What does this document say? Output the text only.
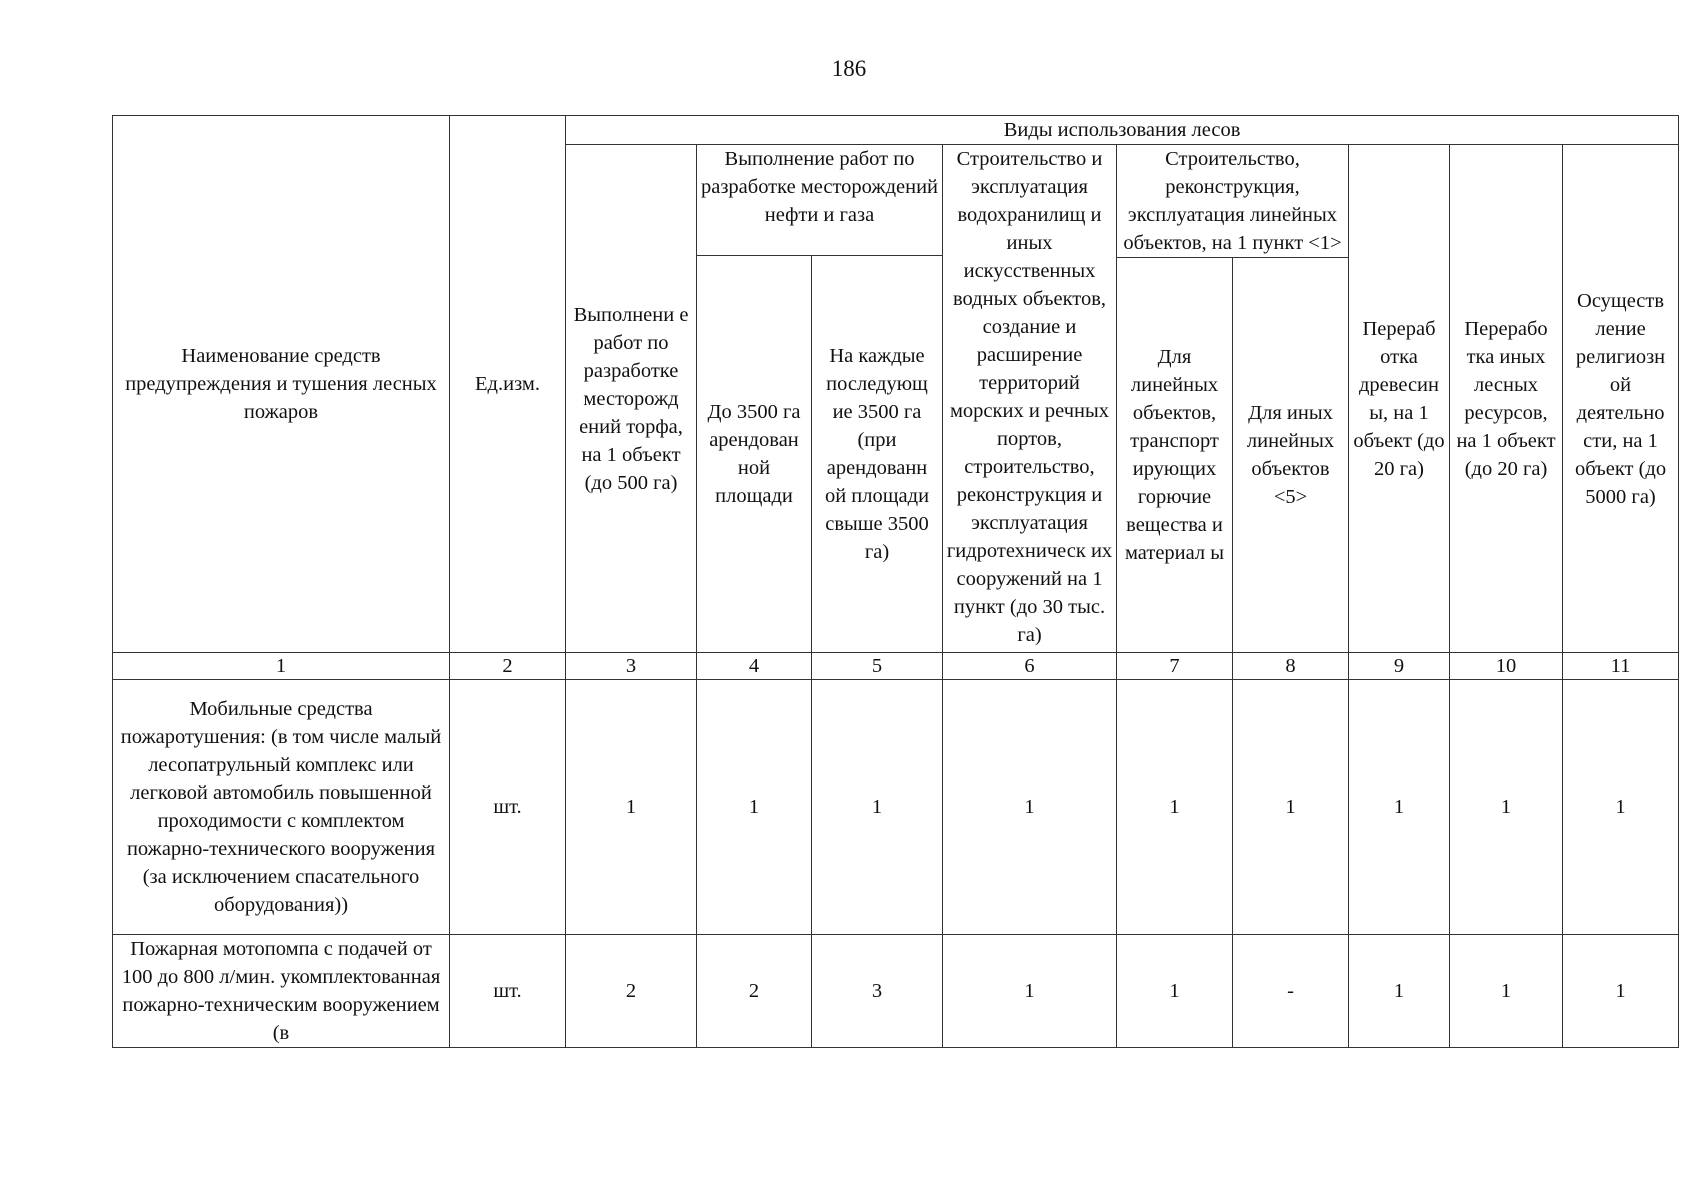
186
Наименование средств предупреждения и тушения лесных пожаров	Ед.изм.	Виды использования лесов								
		Выполнени е работ по разработке месторожд ений торфа, на 1 объект (до 500 га)	Выполнение работ по разработке месторождений нефти и газа		Строительство и эксплуатация водохранилищ и иных искусственных водных объектов, создание и расширение территорий морских и речных портов, строительство, реконструкция и эксплуатация гидротехническ их сооружений на 1 пункт (до 30 тыс. га)	Строительство, реконструкция, эксплуатация линейных объектов, на 1 пункт <1>		Перераб отка древесин ы, на 1 объект (до 20 га)	Перерабо тка иных лесных ресурсов, на 1 объект (до 20 га)	Осуществ ление религиозн ой деятельно сти, на 1 объект (до 5000 га)
			До 3500 га арендован ной площади	На каждые последующ ие 3500 га (при арендованн ой площади свыше 3500 га)						
						Для линейных объектов, транспорт ирующих горючие вещества и материал ы	Для иных линейных объектов <5>			
1	2	3	4	5	6	7	8	9	10	11
Мобильные средства пожаротушения: (в том числе малый лесопатрульный комплекс или легковой автомобиль повышенной проходимости с комплектом пожарно-технического вооружения (за исключением спасательного оборудования))	шт.	1	1	1	1	1	1	1	1	1
Пожарная мотопомпа с подачей от 100 до 800 л/мин. укомплектованная пожарно-техническим вооружением (в	шт.	2	2	3	1	1	-	1	1	1
